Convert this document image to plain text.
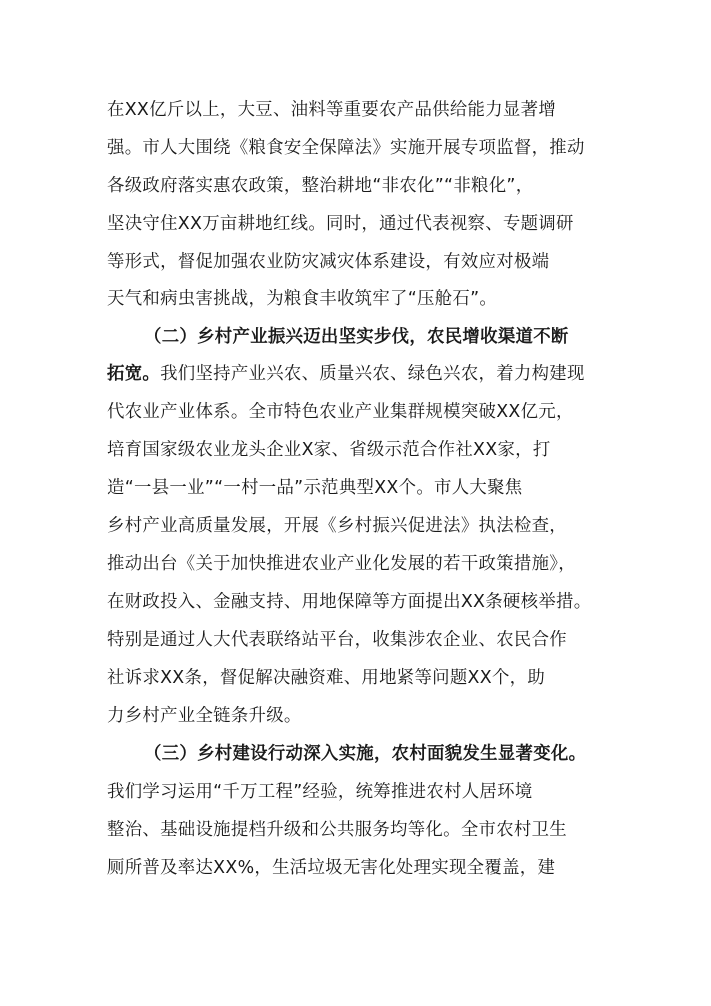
在XX亿斤以上，大豆、油料等重要农产品供给能力显著增
强。市人大围绕《粮食安全保障法》实施开展专项监督，推动
各级政府落实惠农政策，整治耕地“非农化”“非粮化”，
坚决守住XX万亩耕地红线。同时，通过代表视察、专题调研
等形式，督促加强农业防灾减灾体系建设，有效应对极端
天气和病虫害挑战，为粮食丰收筑牢了“压舱石”。
（二）乡村产业振兴迈出坚实步伐，农民增收渠道不断
拓宽。我们坚持产业兴农、质量兴农、绿色兴农，着力构建现
代农业产业体系。全市特色农业产业集群规模突破XX亿元，
培育国家级农业龙头企业X家、省级示范合作社XX家，打
造“一县一业”“一村一品”示范典型XX个。市人大聚焦
乡村产业高质量发展，开展《乡村振兴促进法》执法检查，
推动出台《关于加快推进农业产业化发展的若干政策措施》，
在财政投入、金融支持、用地保障等方面提出XX条硬核举措。
特别是通过人大代表联络站平台，收集涉农企业、农民合作
社诉求XX条，督促解决融资难、用地紧等问题XX个，助
力乡村产业全链条升级。
（三）乡村建设行动深入实施，农村面貌发生显著变化。
我们学习运用“千万工程”经验，统筹推进农村人居环境
整治、基础设施提档升级和公共服务均等化。全市农村卫生
厕所普及率达XX%，生活垃圾无害化处理实现全覆盖，建
